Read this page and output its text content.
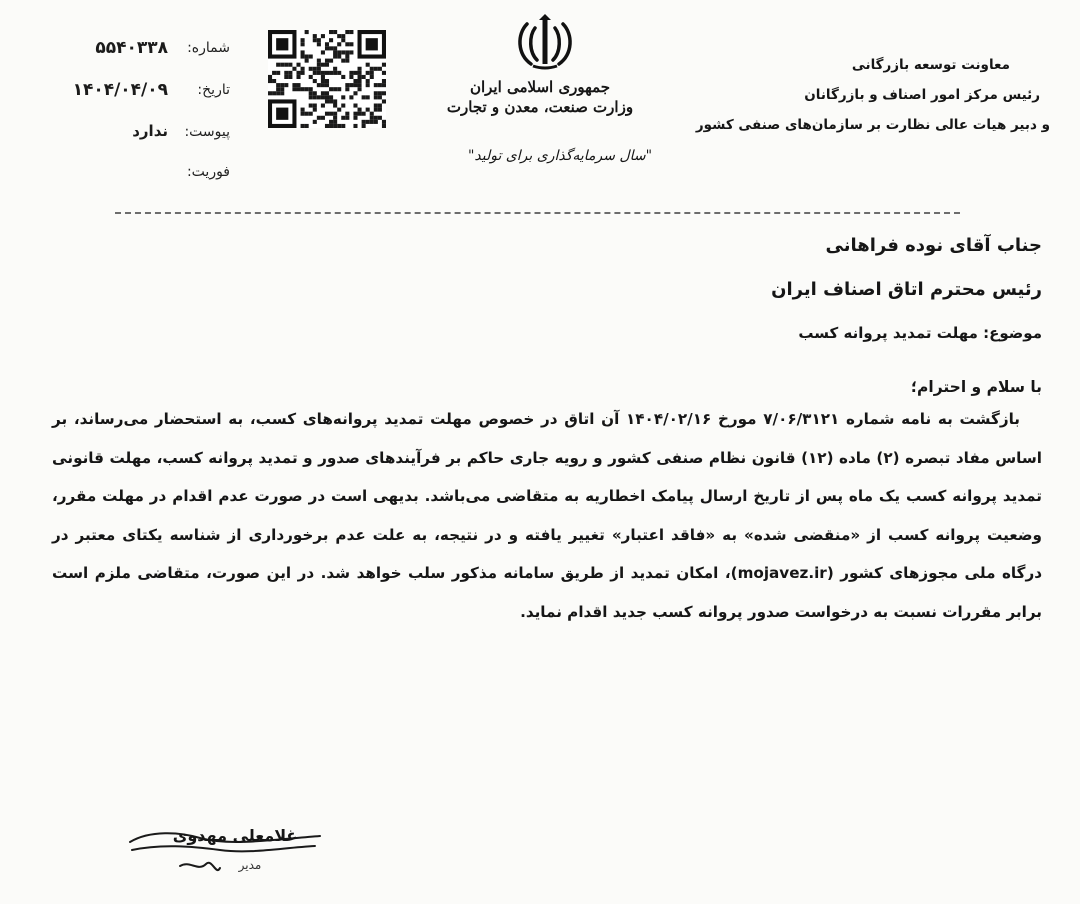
شماره:
۵۵۴۰۳۳۸
تاریخ:
۱۴۰۴/۰۴/۰۹
پیوست:
ندارد
فوریت:
جمهوری اسلامی ایران
وزارت صنعت، معدن و تجارت
"سال سرمایه‌گذاری برای تولید"
معاونت توسعه بازرگانی
رئیس مرکز امور اصناف و بازرگانان
و دبیر هیات عالی نظارت بر سازمان‌های صنفی کشور
جناب آقای نوده فراهانی
رئیس محترم اتاق اصناف ایران
موضوع: مهلت تمدید پروانه کسب
با سلام و احترام؛
بازگشت به نامه شماره ۷/۰۶/۳۱۲۱ مورخ ۱۴۰۴/۰۲/۱۶ آن اتاق در خصوص مهلت تمدید پروانه‌های کسب، به استحضار می‌رساند، بر اساس مفاد تبصره (۲) ماده (۱۲) قانون نظام صنفی کشور و رویه جاری حاکم بر فرآیندهای صدور و تمدید پروانه کسب، مهلت قانونی تمدید پروانه کسب یک ماه پس از تاریخ ارسال پیامک اخطاریه به متقاضی می‌باشد. بدیهی است در صورت عدم اقدام در مهلت مقرر، وضعیت پروانه کسب از «منقضی شده» به «فاقد اعتبار» تغییر یافته و در نتیجه، به علت عدم برخورداری از شناسه یکتای معتبر در درگاه ملی مجوزهای کشور (mojavez.ir)، امکان تمدید از طریق سامانه مذکور سلب خواهد شد. در این صورت، متقاضی ملزم است برابر مقررات نسبت به درخواست صدور پروانه کسب جدید اقدام نماید.
غلامعلی مهدوی
مدیر
